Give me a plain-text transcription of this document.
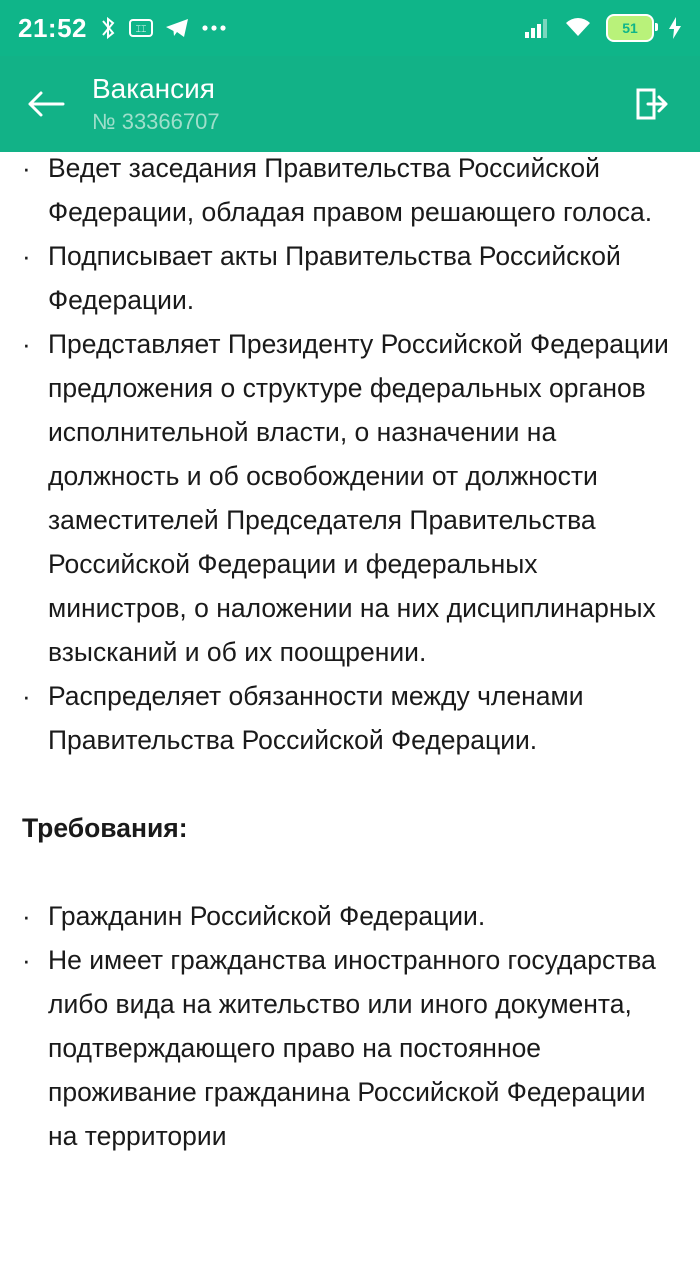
21:52	⌶⌶	51
Вакансия
№ 33366707
· Ведет заседания Правительства Российской Федерации, обладая правом решающего голоса.
· Подписывает акты Правительства Российской Федерации.
· Представляет Президенту Российской Федерации предложения о структуре федеральных органов исполнительной власти, о назначении на должность и об освобождении от должности заместителей Председателя Правительства Российской Федерации и федеральных министров, о наложении на них дисциплинарных взысканий и об их поощрении.
· Распределяет обязанности между членами Правительства Российской Федерации.
Требования:
· Гражданин Российской Федерации.
· Не имеет гражданства иностранного государства либо вида на жительство или иного документа, подтверждающего право на постоянное проживание гражданина Российской Федерации на территории
